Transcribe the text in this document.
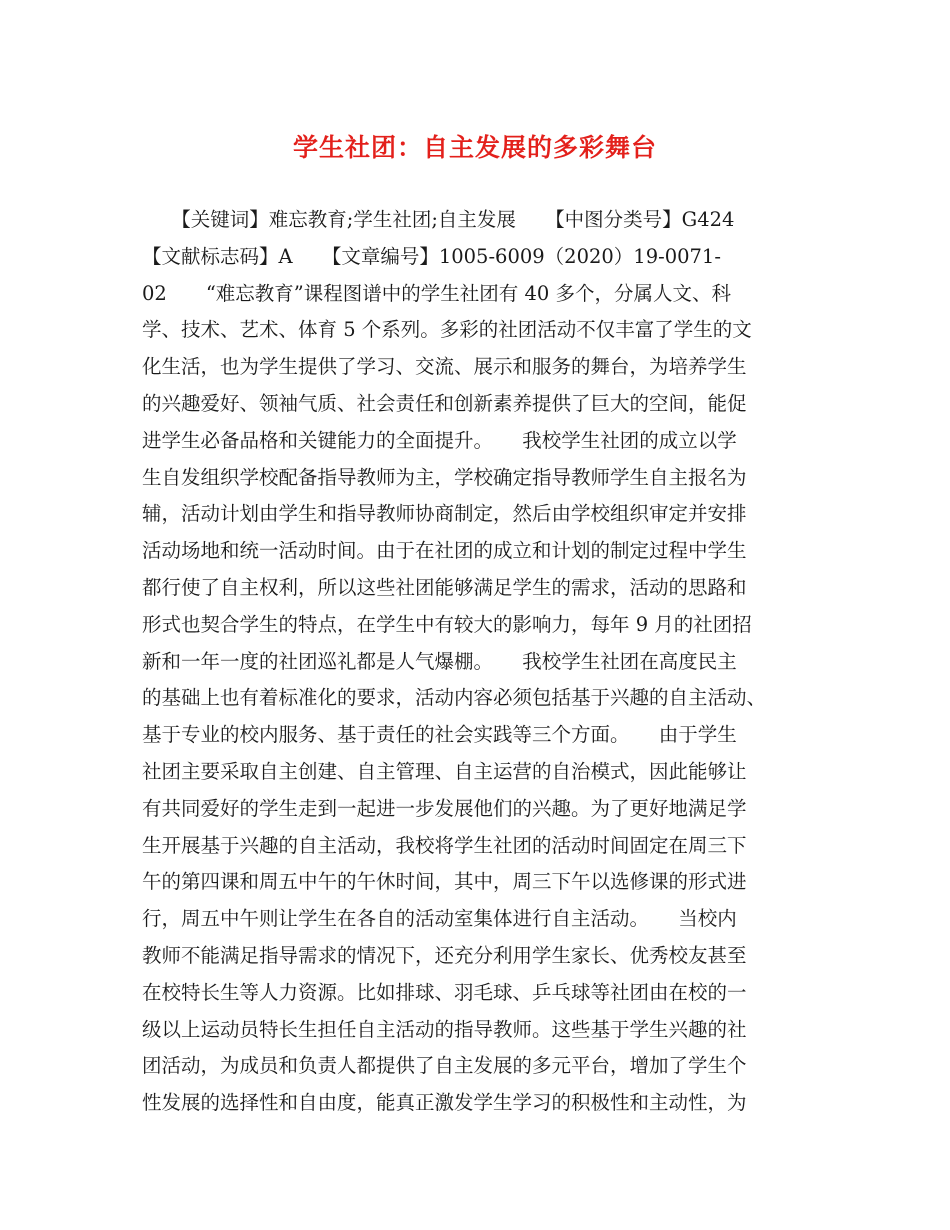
学生社团：自主发展的多彩舞台
　　【关键词】难忘教育;学生社团;自主发展　　【中图分类号】G424
【文献标志码】A　　【文章编号】1005-6009（2020）19-0071-
02　　“难忘教育”课程图谱中的学生社团有 40 多个，分属人文、科
学、技术、艺术、体育 5 个系列。多彩的社团活动不仅丰富了学生的文
化生活，也为学生提供了学习、交流、展示和服务的舞台，为培养学生
的兴趣爱好、领袖气质、社会责任和创新素养提供了巨大的空间，能促
进学生必备品格和关键能力的全面提升。　　我校学生社团的成立以学
生自发组织学校配备指导教师为主，学校确定指导教师学生自主报名为
辅，活动计划由学生和指导教师协商制定，然后由学校组织审定并安排
活动场地和统一活动时间。由于在社团的成立和计划的制定过程中学生
都行使了自主权利，所以这些社团能够满足学生的需求，活动的思路和
形式也契合学生的特点，在学生中有较大的影响力，每年 9 月的社团招
新和一年一度的社团巡礼都是人气爆棚。　　我校学生社团在高度民主
的基础上也有着标准化的要求，活动内容必须包括基于兴趣的自主活动、
基于专业的校内服务、基于责任的社会实践等三个方面。　　由于学生
社团主要采取自主创建、自主管理、自主运营的自治模式，因此能够让
有共同爱好的学生走到一起进一步发展他们的兴趣。为了更好地满足学
生开展基于兴趣的自主活动，我校将学生社团的活动时间固定在周三下
午的第四课和周五中午的午休时间，其中，周三下午以选修课的形式进
行，周五中午则让学生在各自的活动室集体进行自主活动。　　当校内
教师不能满足指导需求的情况下，还充分利用学生家长、优秀校友甚至
在校特长生等人力资源。比如排球、羽毛球、乒乓球等社团由在校的一
级以上运动员特长生担任自主活动的指导教师。这些基于学生兴趣的社
团活动，为成员和负责人都提供了自主发展的多元平台，增加了学生个
性发展的选择性和自由度，能真正激发学生学习的积极性和主动性，为
